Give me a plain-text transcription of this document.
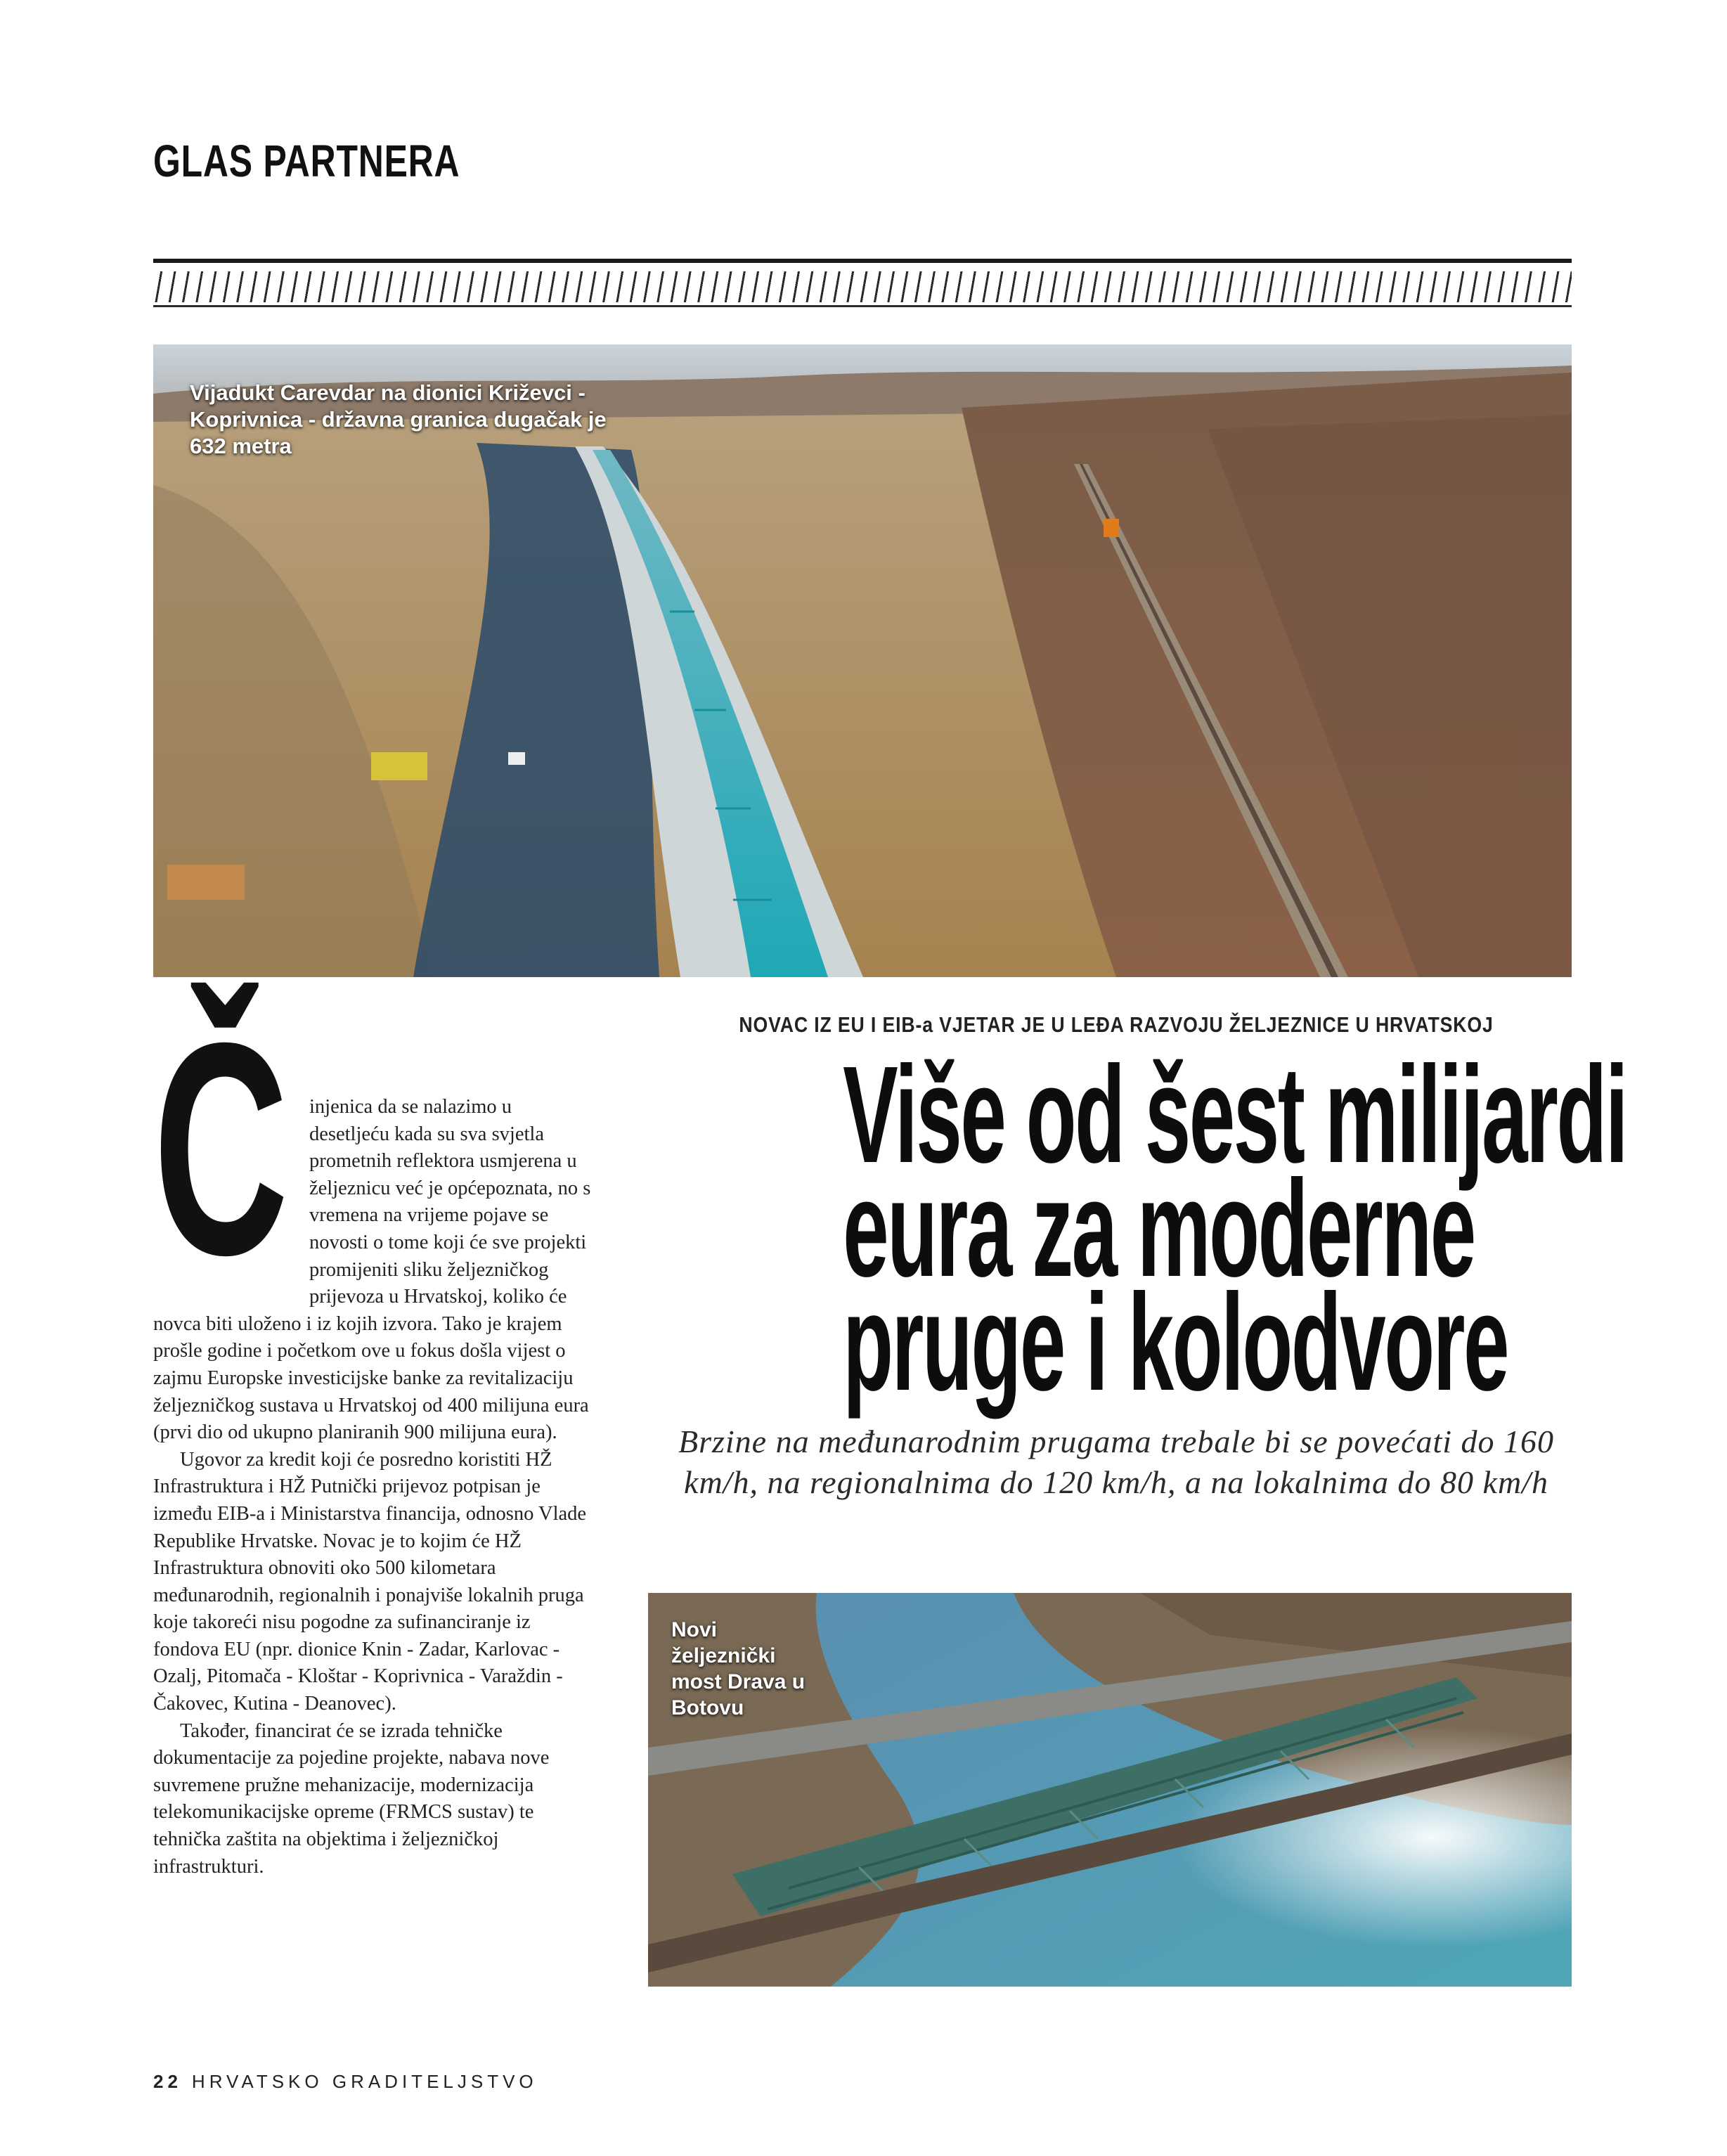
GLAS PARTNERA
Vijadukt Carevdar na dionici Križevci - Koprivnica - državna granica dugačak je 632 metra
Č	injenica da se nalazimo u desetljeću kada su sva svjetla prometnih reflektora usmjerena u željeznicu već je općepoznata, no s vremena na vrijeme pojave se novosti o tome koji će sve projekti promijeniti sliku željezničkog prijevoza u Hrvatskoj, koliko će novca biti uloženo i iz kojih izvora. Tako je krajem prošle godine i početkom ove u fokus došla vijest o zajmu Europske investicijske banke za revitalizaciju željezničkog sustava u Hrvatskoj od 400 milijuna eura (prvi dio od ukupno planiranih 900 milijuna eura).

Ugovor za kredit koji će posredno koristiti HŽ Infrastruktura i HŽ Putnički prijevoz potpisan je između EIB-a i Ministarstva financija, odnosno Vlade Republike Hrvatske. Novac je to kojim će HŽ Infrastruktura obnoviti oko 500 kilometara međunarodnih, regionalnih i ponajviše lokalnih pruga koje takoreći nisu pogodne za sufinanciranje iz fondova EU (npr. dionice Knin - Zadar, Karlovac - Ozalj, Pitomača - Kloštar - Koprivnica - Varaždin - Čakovec, Kutina - Deanovec).

Također, financirat će se izrada tehničke dokumentacije za pojedine projekte, nabava nove suvremene pružne mehanizacije, modernizacija telekomunikacijske opreme (FRMCS sustav) te tehnička zaštita na objektima i željezničkoj infrastrukturi.

NOVAC IZ EU I EIB-a VJETAR JE U LEĐA RAZVOJU ŽELJEZNICE U HRVATSKOJ
Više od šest milijardi
eura za moderne
pruge i kolodvore
Brzine na međunarodnim prugama trebale bi se povećati do 160 km/h, na regionalnima do 120 km/h, a na lokalnima do 80 km/h
Novi željeznički most Drava u Botovu
22 HRVATSKO GRADITELJSTVO
